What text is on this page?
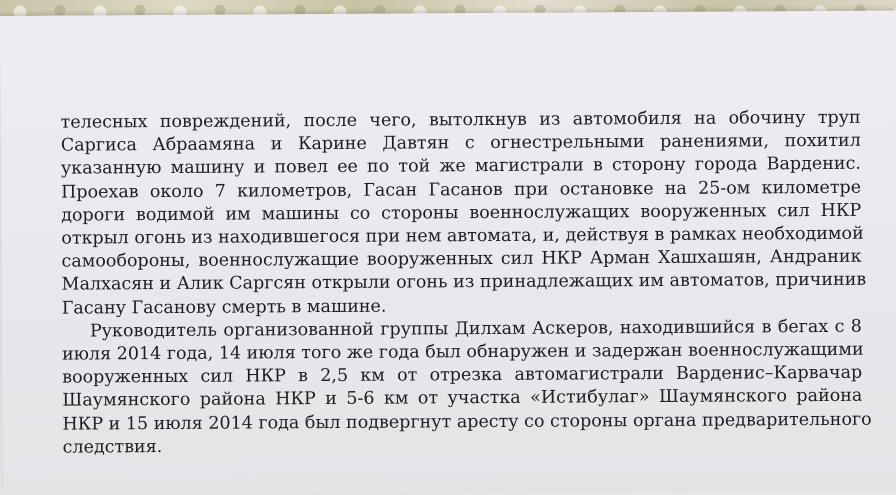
телесных повреждений, после чего, вытолкнув из автомобиля на обочину труп
Саргиса Абраамяна и Карине Давтян с огнестрельными ранениями, похитил
указанную машину и повел ее по той же магистрали в сторону города Варденис.
Проехав около 7 километров, Гасан Гасанов при остановке на 25-ом километре
дороги водимой им машины со стороны военнослужащих вооруженных сил НКР
открыл огонь из находившегося при нем автомата, и, действуя в рамках необходимой
самообороны, военнослужащие вооруженных сил НКР Арман Хашхашян, Андраник
Малхасян и Алик Саргсян открыли огонь из принадлежащих им автоматов, причинив
Гасану Гасанову смерть в машине.
Руководитель организованной группы Дилхам Аскеров, находившийся в бегах с 8
июля 2014 года, 14 июля того же года был обнаружен и задержан военнослужащими
вооруженных сил НКР в 2,5 км от отрезка автомагистрали Варденис–Карвачар
Шаумянского района НКР и 5-6 км от участка «Истибулаг» Шаумянского района
НКР и 15 июля 2014 года был подвергнут аресту со стороны органа предварительного
следствия.
